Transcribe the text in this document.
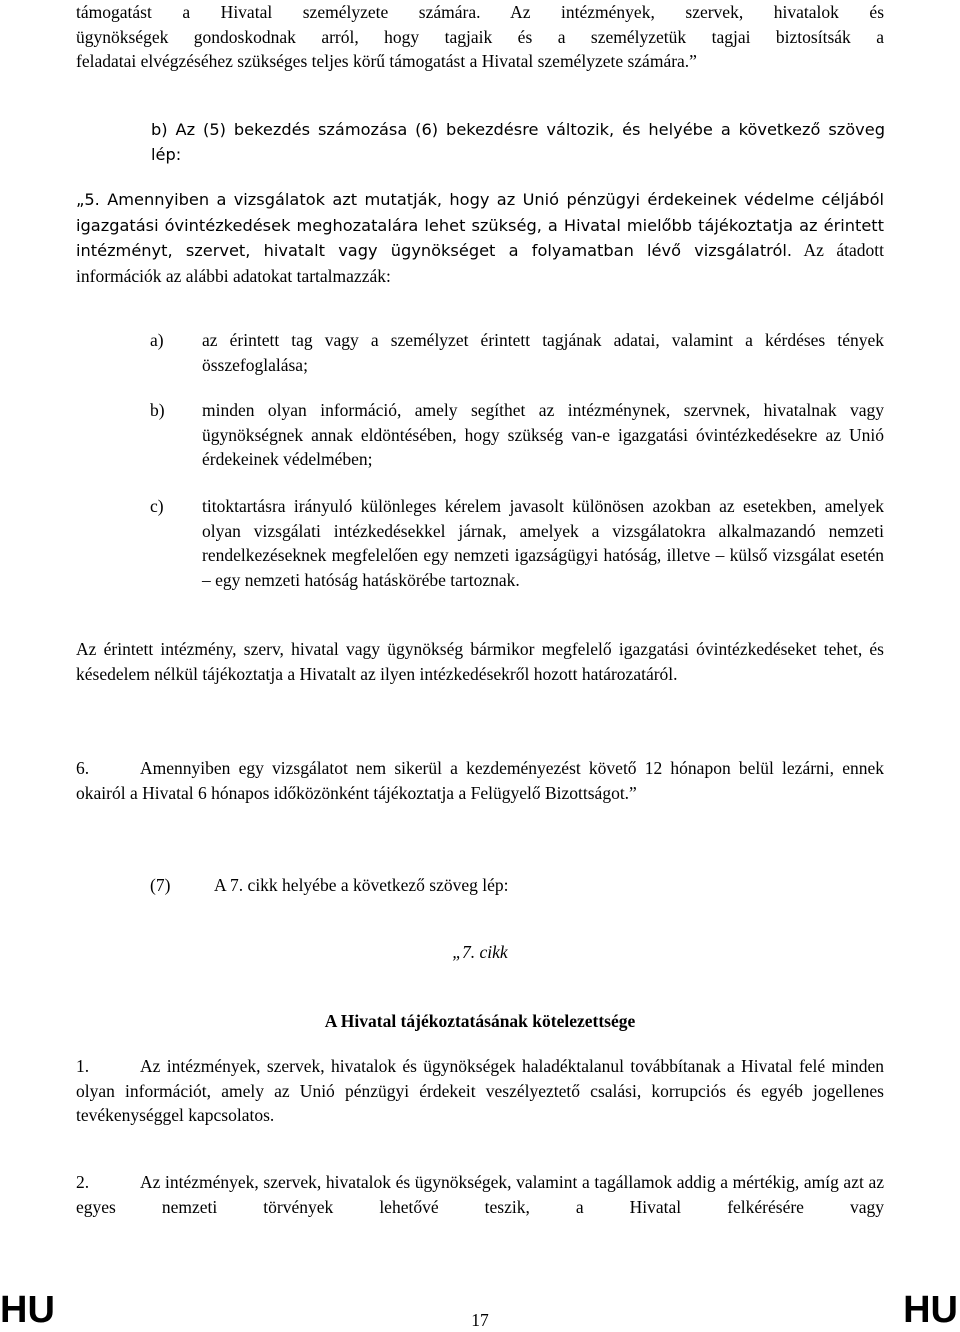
támogatást a Hivatal személyzete számára. Az intézmények, szervek, hivatalok és
ügynökségek gondoskodnak arról, hogy tagjaik és a személyzetük tagjai biztosítsák a
feladatai elvégzéséhez szükséges teljes körű támogatást a Hivatal személyzete számára.”
b) Az (5) bekezdés számozása (6) bekezdésre változik, és helyébe a következő szöveg lép:
„5. Amennyiben a vizsgálatok azt mutatják, hogy az Unió pénzügyi érdekeinek védelme céljából igazgatási óvintézkedések meghozatalára lehet szükség, a Hivatal mielőbb tájékoztatja az érintett intézményt, szervet, hivatalt vagy ügynökséget a folyamatban lévő vizsgálatról. Az átadott információk az alábbi adatokat tartalmazzák:
a) az érintett tag vagy a személyzet érintett tagjának adatai, valamint a kérdéses tények összefoglalása;
b) minden olyan információ, amely segíthet az intézménynek, szervnek, hivatalnak vagy ügynökségnek annak eldöntésében, hogy szükség van-e igazgatási óvintézkedésekre az Unió érdekeinek védelmében;
c) titoktartásra irányuló különleges kérelem javasolt különösen azokban az esetekben, amelyek olyan vizsgálati intézkedésekkel járnak, amelyek a vizsgálatokra alkalmazandó nemzeti rendelkezéseknek megfelelően egy nemzeti igazságügyi hatóság, illetve – külső vizsgálat esetén – egy nemzeti hatóság hatáskörébe tartoznak.
Az érintett intézmény, szerv, hivatal vagy ügynökség bármikor megfelelő igazgatási óvintézkedéseket tehet, és késedelem nélkül tájékoztatja a Hivatalt az ilyen intézkedésekről hozott határozatáról.
6.	Amennyiben egy vizsgálatot nem sikerül a kezdeményezést követő 12 hónapon belül lezárni, ennek okairól a Hivatal 6 hónapos időközönként tájékoztatja a Felügyelő Bizottságot.”
(7) A 7. cikk helyébe a következő szöveg lép:
„7. cikk
A Hivatal tájékoztatásának kötelezettsége
1.	Az intézmények, szervek, hivatalok és ügynökségek haladéktalanul továbbítanak a Hivatal felé minden olyan információt, amely az Unió pénzügyi érdekeit veszélyeztető csalási, korrupciós és egyéb jogellenes tevékenységgel kapcsolatos.
2.	Az intézmények, szervek, hivatalok és ügynökségek, valamint a tagállamok addig a mértékig, amíg azt az egyes nemzeti törvények lehetővé teszik, a Hivatal felkérésére vagy
HU	17	HU
